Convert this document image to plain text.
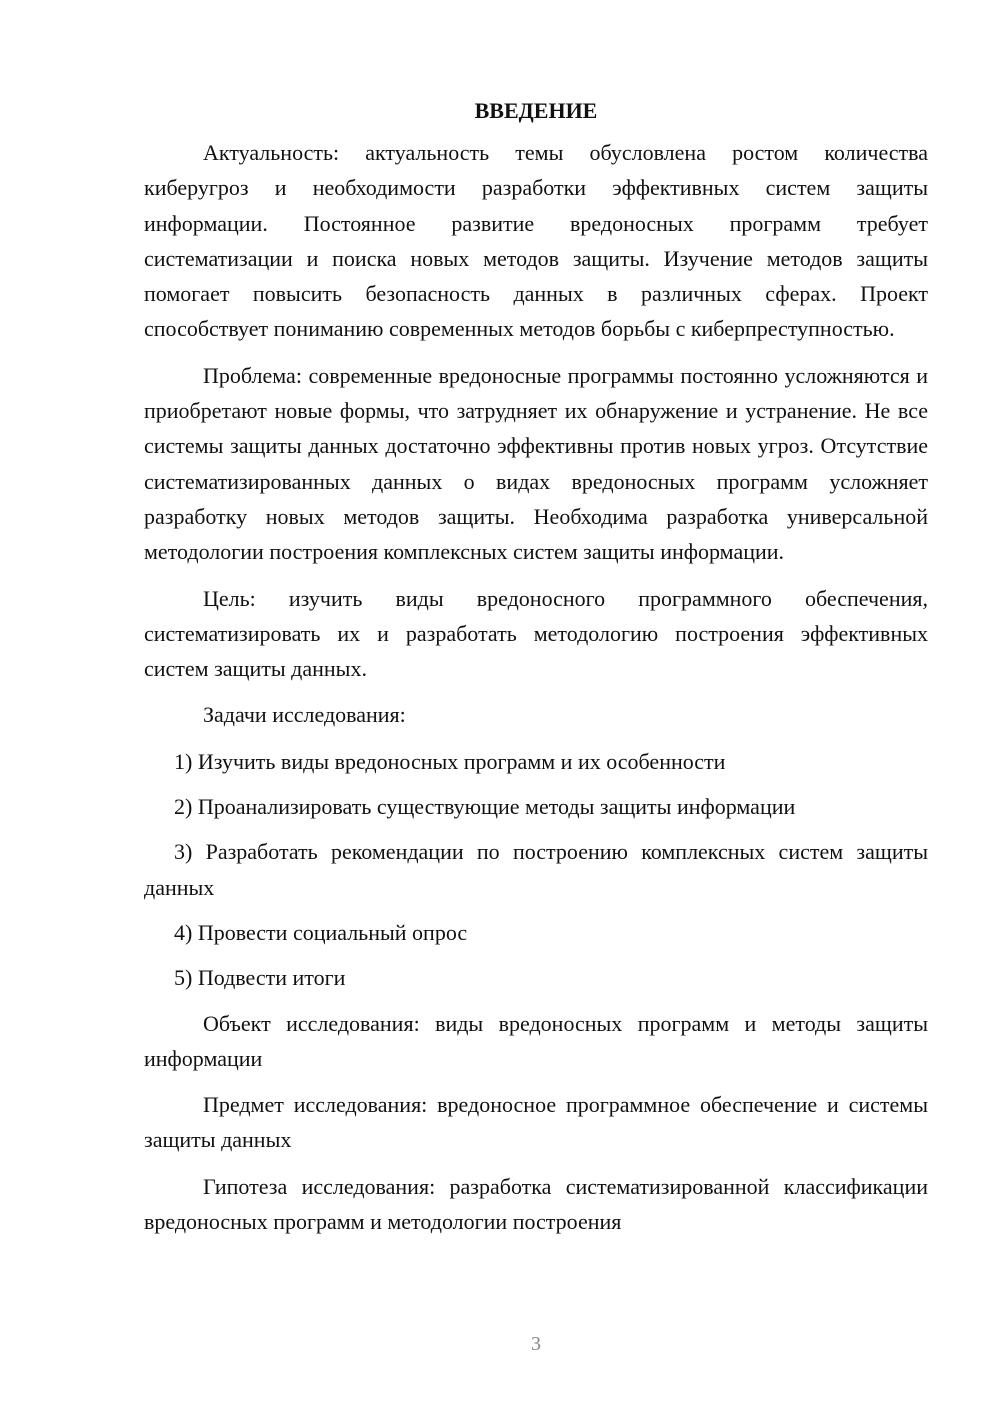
ВВЕДЕНИЕ

Актуальность: актуальность темы обусловлена ростом количества киберугроз и необходимости разработки эффективных систем защиты информации. Постоянное развитие вредоносных программ требует систематизации и поиска новых методов защиты. Изучение методов защиты помогает повысить безопасность данных в различных сферах. Проект способствует пониманию современных методов борьбы с киберпреступностью.

Проблема: современные вредоносные программы постоянно усложняются и приобретают новые формы, что затрудняет их обнаружение и устранение. Не все системы защиты данных достаточно эффективны против новых угроз. Отсутствие систематизированных данных о видах вредоносных программ усложняет разработку новых методов защиты. Необходима разработка универсальной методологии построения комплексных систем защиты информации.

Цель: изучить виды вредоносного программного обеспечения, систематизировать их и разработать методологию построения эффективных систем защиты данных.

Задачи исследования:

1) Изучить виды вредоносных программ и их особенности

2) Проанализировать существующие методы защиты информации

3) Разработать рекомендации по построению комплексных систем защиты данных

4) Провести социальный опрос

5) Подвести итоги

Объект исследования: виды вредоносных программ и методы защиты информации

Предмет исследования: вредоносное программное обеспечение и системы защиты данных

Гипотеза исследования: разработка систематизированной классификации вредоносных программ и методологии построения

3
